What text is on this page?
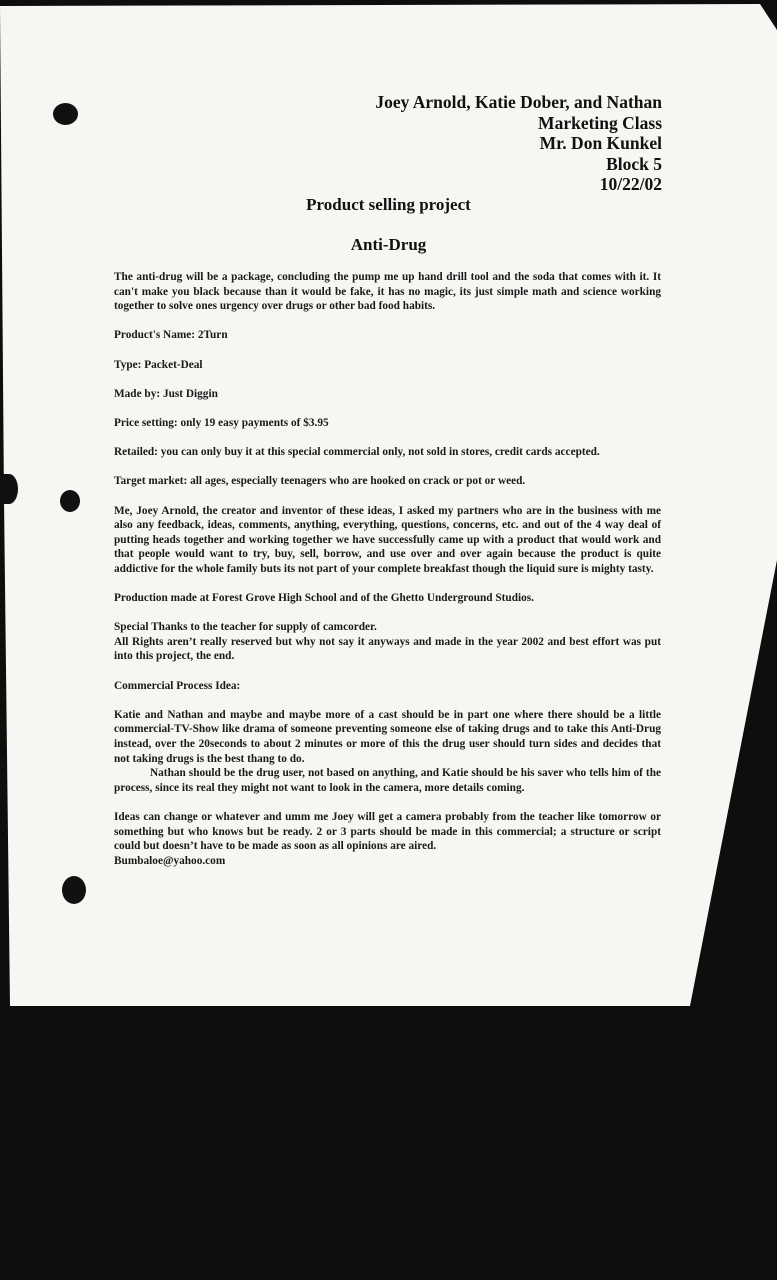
Joey Arnold, Katie Dober, and Nathan
Marketing Class
Mr. Don Kunkel
Block 5
10/22/02
Product selling project
Anti-Drug

The anti-drug will be a package, concluding the pump me up hand drill tool and the soda that comes with it. It can't make you black because than it would be fake, it has no magic, its just simple math and science working together to solve ones urgency over drugs or other bad food habits.

Product's Name: 2Turn

Type: Packet-Deal

Made by: Just Diggin

Price setting: only 19 easy payments of $3.95

Retailed: you can only buy it at this special commercial only, not sold in stores, credit cards accepted.

Target market: all ages, especially teenagers who are hooked on crack or pot or weed.

Me, Joey Arnold, the creator and inventor of these ideas, I asked my partners who are in the business with me also any feedback, ideas, comments, anything, everything, questions, concerns, etc. and out of the 4 way deal of putting heads together and working together we have successfully came up with a product that would work and that people would want to try, buy, sell, borrow, and use over and over again because the product is quite addictive for the whole family buts its not part of your complete breakfast though the liquid sure is mighty tasty.

Production made at Forest Grove High School and of the Ghetto Underground Studios.

Special Thanks to the teacher for supply of camcorder.

All Rights aren’t really reserved but why not say it anyways and made in the year 2002 and best effort was put into this project, the end.

Commercial Process Idea:

Katie and Nathan and maybe and maybe more of a cast should be in part one where there should be a little commercial-TV-Show like drama of someone preventing someone else of taking drugs and to take this Anti-Drug instead, over the 20seconds to about 2 minutes or more of this the drug user should turn sides and decides that not taking drugs is the best thang to do.

Nathan should be the drug user, not based on anything, and Katie should be his saver who tells him of the process, since its real they might not want to look in the camera, more details coming.

Ideas can change or whatever and umm me Joey will get a camera probably from the teacher like tomorrow or something but who knows but be ready. 2 or 3 parts should be made in this commercial; a structure or script could but doesn’t have to be made as soon as all opinions are aired.

Bumbaloe@yahoo.com
